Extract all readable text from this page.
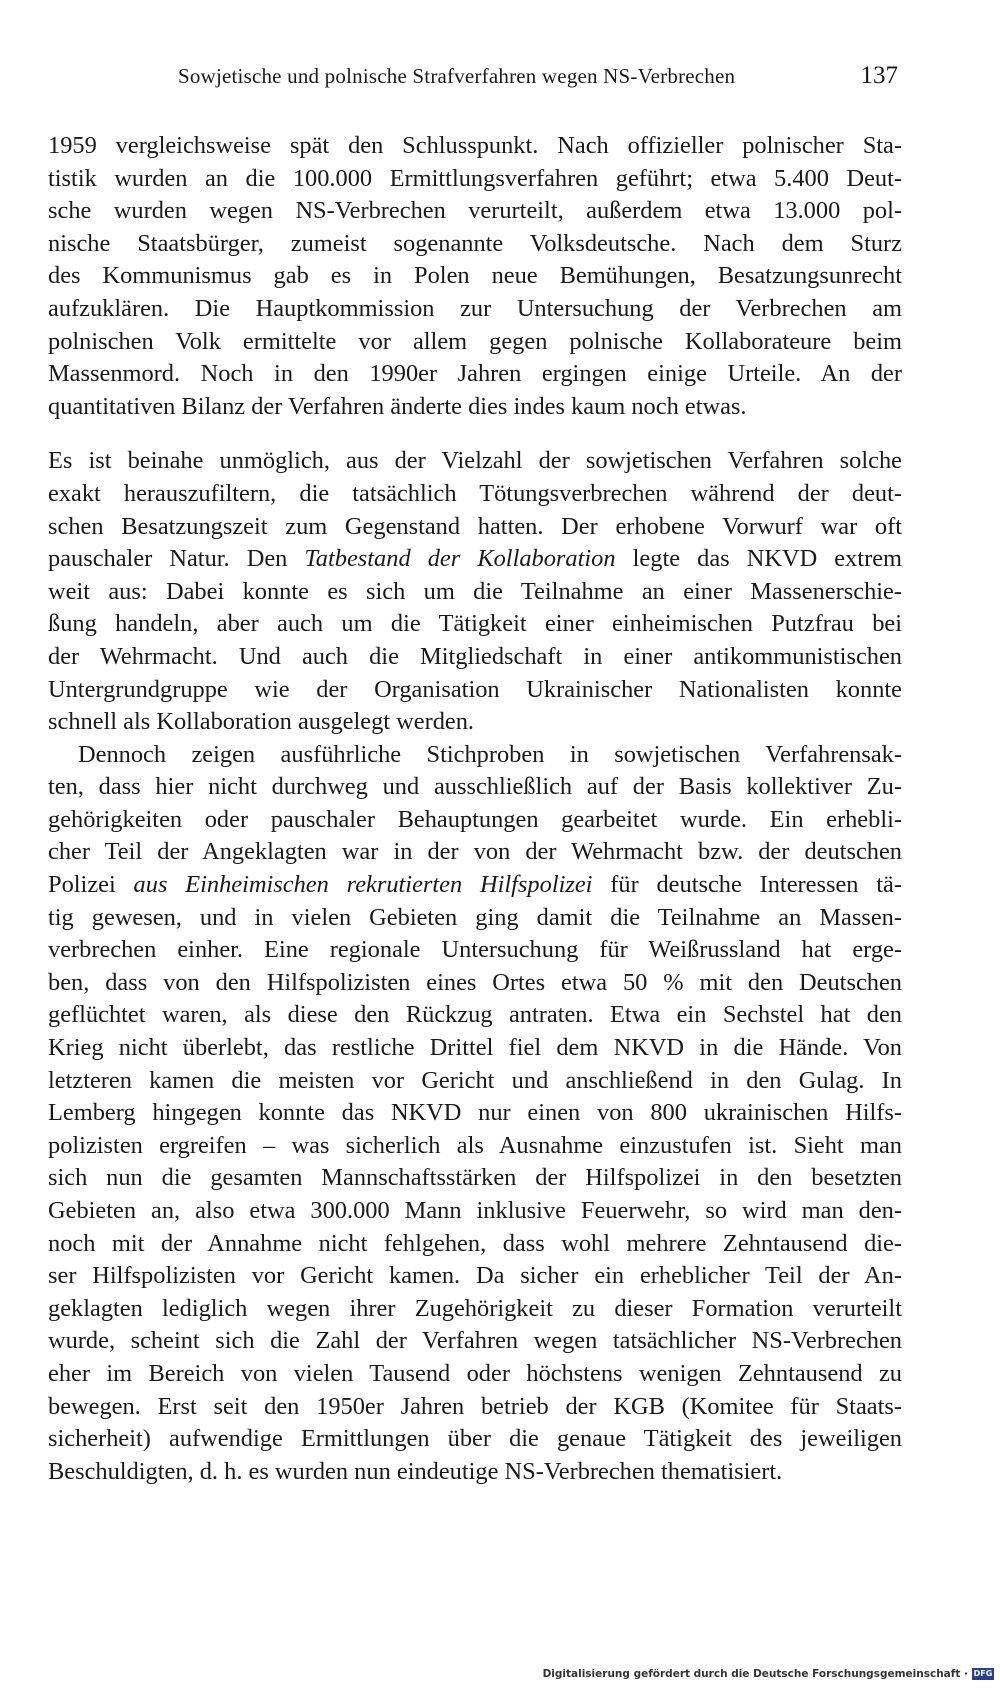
Sowjetische und polnische Strafverfahren wegen NS-Verbrechen	137
1959 vergleichsweise spät den Schlusspunkt. Nach offizieller polnischer Sta-
tistik wurden an die 100.000 Ermittlungsverfahren geführt; etwa 5.400 Deut-
sche wurden wegen NS-Verbrechen verurteilt, außerdem etwa 13.000 pol-
nische Staatsbürger, zumeist sogenannte Volksdeutsche. Nach dem Sturz
des Kommunismus gab es in Polen neue Bemühungen, Besatzungsunrecht
aufzuklären. Die Hauptkommission zur Untersuchung der Verbrechen am
polnischen Volk ermittelte vor allem gegen polnische Kollaborateure beim
Massenmord. Noch in den 1990er Jahren ergingen einige Urteile. An der
quantitativen Bilanz der Verfahren änderte dies indes kaum noch etwas.
Es ist beinahe unmöglich, aus der Vielzahl der sowjetischen Verfahren solche
exakt herauszufiltern, die tatsächlich Tötungsverbrechen während der deut-
schen Besatzungszeit zum Gegenstand hatten. Der erhobene Vorwurf war oft
pauschaler Natur. Den Tatbestand der Kollaboration legte das NKVD extrem
weit aus: Dabei konnte es sich um die Teilnahme an einer Massenerschie-
ßung handeln, aber auch um die Tätigkeit einer einheimischen Putzfrau bei
der Wehrmacht. Und auch die Mitgliedschaft in einer antikommunistischen
Untergrundgruppe wie der Organisation Ukrainischer Nationalisten konnte
schnell als Kollaboration ausgelegt werden.
Dennoch zeigen ausführliche Stichproben in sowjetischen Verfahrensak-
ten, dass hier nicht durchweg und ausschließlich auf der Basis kollektiver Zu-
gehörigkeiten oder pauschaler Behauptungen gearbeitet wurde. Ein erhebli-
cher Teil der Angeklagten war in der von der Wehrmacht bzw. der deutschen
Polizei aus Einheimischen rekrutierten Hilfspolizei für deutsche Interessen tä-
tig gewesen, und in vielen Gebieten ging damit die Teilnahme an Massen-
verbrechen einher. Eine regionale Untersuchung für Weißrussland hat erge-
ben, dass von den Hilfspolizisten eines Ortes etwa 50 % mit den Deutschen
geflüchtet waren, als diese den Rückzug antraten. Etwa ein Sechstel hat den
Krieg nicht überlebt, das restliche Drittel fiel dem NKVD in die Hände. Von
letzteren kamen die meisten vor Gericht und anschließend in den Gulag. In
Lemberg hingegen konnte das NKVD nur einen von 800 ukrainischen Hilfs-
polizisten ergreifen – was sicherlich als Ausnahme einzustufen ist. Sieht man
sich nun die gesamten Mannschaftsstärken der Hilfspolizei in den besetzten
Gebieten an, also etwa 300.000 Mann inklusive Feuerwehr, so wird man den-
noch mit der Annahme nicht fehlgehen, dass wohl mehrere Zehntausend die-
ser Hilfspolizisten vor Gericht kamen. Da sicher ein erheblicher Teil der An-
geklagten lediglich wegen ihrer Zugehörigkeit zu dieser Formation verurteilt
wurde, scheint sich die Zahl der Verfahren wegen tatsächlicher NS-Verbrechen
eher im Bereich von vielen Tausend oder höchstens wenigen Zehntausend zu
bewegen. Erst seit den 1950er Jahren betrieb der KGB (Komitee für Staats-
sicherheit) aufwendige Ermittlungen über die genaue Tätigkeit des jeweiligen
Beschuldigten, d. h. es wurden nun eindeutige NS-Verbrechen thematisiert.
Digitalisierung gefördert durch die Deutsche Forschungsgemeinschaft · DFG
